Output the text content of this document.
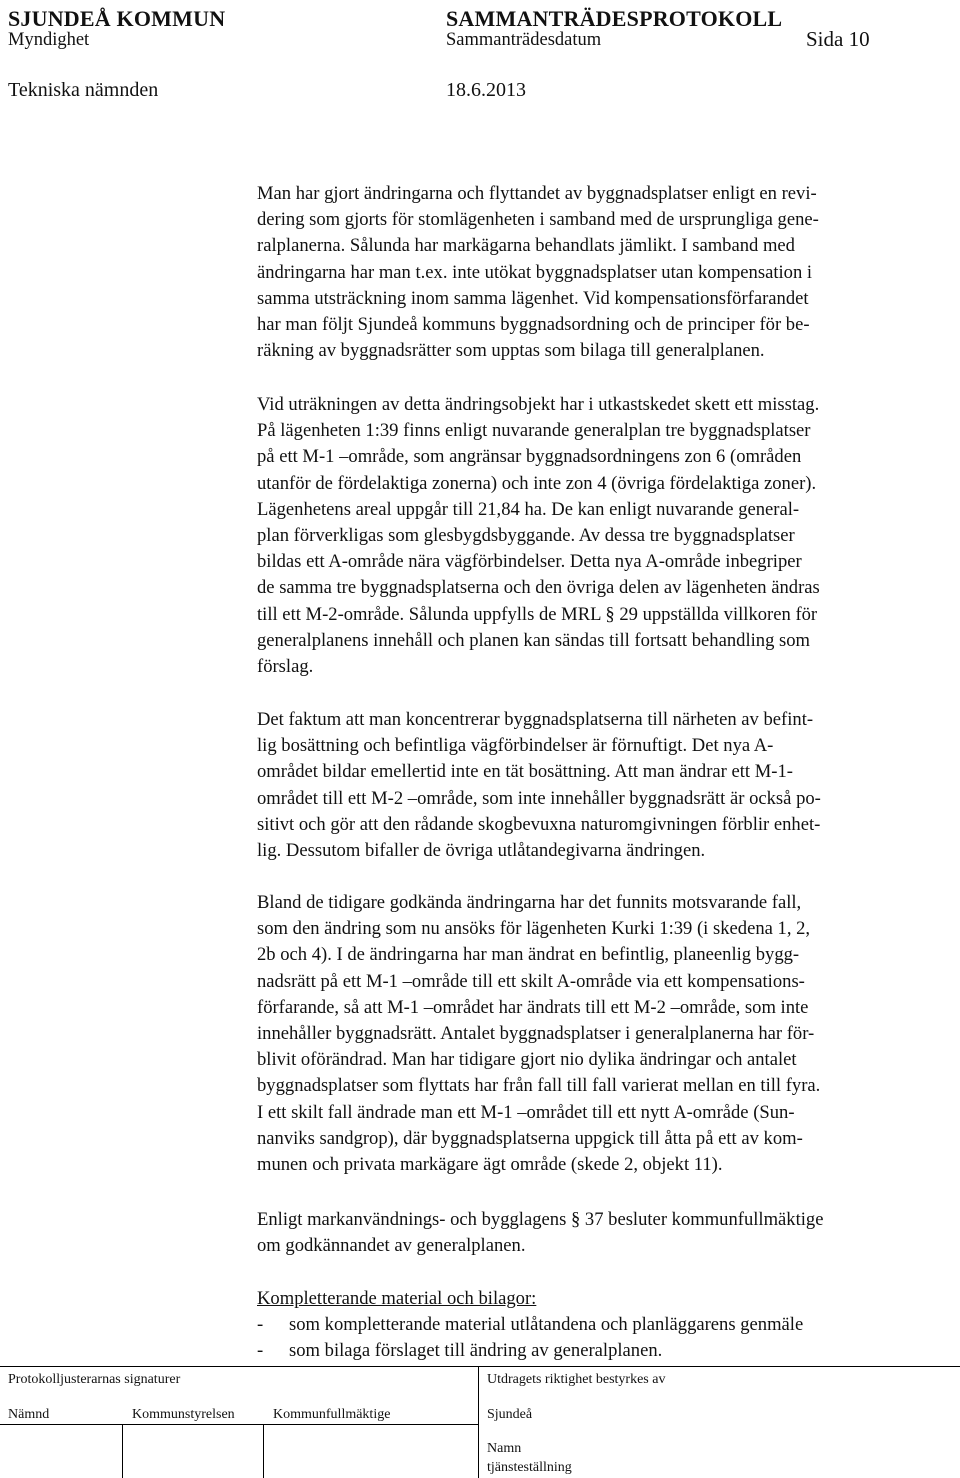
SJUNDEÅ KOMMUN	SAMMANTRÄDESPROTOKOLL
Myndighet	Sammanträdesdatum	Sida 10
Tekniska nämnden	18.6.2013

Man har gjort ändringarna och flyttandet av byggnadsplatser enligt en revi-

dering som gjorts för stomlägenheten i samband med de ursprungliga gene-

ralplanerna. Sålunda har markägarna behandlats jämlikt. I samband med

ändringarna har man t.ex. inte utökat byggnadsplatser utan kompensation i

samma utsträckning inom samma lägenhet. Vid kompensationsförfarandet

har man följt Sjundeå kommuns byggnadsordning och de principer för be-

räkning av byggnadsrätter som upptas som bilaga till generalplanen.

Vid uträkningen av detta ändringsobjekt har i utkastskedet skett ett misstag.

På lägenheten 1:39 finns enligt nuvarande generalplan tre byggnadsplatser

på ett M-1 –område, som angränsar byggnadsordningens zon 6 (områden

utanför de fördelaktiga zonerna) och inte zon 4 (övriga fördelaktiga zoner).

Lägenhetens areal uppgår till 21,84 ha. De kan enligt nuvarande general-

plan förverkligas som glesbygdsbyggande. Av dessa tre byggnadsplatser

bildas ett A-område nära vägförbindelser. Detta nya A-område inbegriper

de samma tre byggnadsplatserna och den övriga delen av lägenheten ändras

till ett M-2-område. Sålunda uppfylls de MRL § 29 uppställda villkoren för

generalplanens innehåll och planen kan sändas till fortsatt behandling som

förslag.

Det faktum att man koncentrerar byggnadsplatserna till närheten av befint-

lig bosättning och befintliga vägförbindelser är förnuftigt. Det nya A-

området bildar emellertid inte en tät bosättning. Att man ändrar ett M-1-

området till ett M-2 –område, som inte innehåller byggnadsrätt är också po-

sitivt och gör att den rådande skogbevuxna naturomgivningen förblir enhet-

lig. Dessutom bifaller de övriga utlåtandegivarna ändringen.

Bland de tidigare godkända ändringarna har det funnits motsvarande fall,

som den ändring som nu ansöks för lägenheten Kurki 1:39 (i skedena 1, 2,

2b och 4). I de ändringarna har man ändrat en befintlig, planeenlig bygg-

nadsrätt på ett M-1 –område till ett skilt A-område via ett kompensations-

förfarande, så att M-1 –området har ändrats till ett M-2 –område, som inte

innehåller byggnadsrätt. Antalet byggnadsplatser i generalplanerna har för-

blivit oförändrad. Man har tidigare gjort nio dylika ändringar och antalet

byggnadsplatser som flyttats har från fall till fall varierat mellan en till fyra.

I ett skilt fall ändrade man ett M-1 –området till ett nytt A-område (Sun-

nanviks sandgrop), där byggnadsplatserna uppgick till åtta på ett av kom-

munen och privata markägare ägt område (skede 2, objekt 11).

Enligt markanvändnings- och bygglagens § 37 besluter kommunfullmäktige

om godkännandet av generalplanen.

Kompletterande material och bilagor:
-	som kompletterande material utlåtandena och planläggarens genmäle
-	som bilaga förslaget till ändring av generalplanen.
Protokolljusterarnas signaturer	Utdragets riktighet bestyrkes av
Nämnd	Kommunstyrelsen	Kommunfullmäktige	Sjundeå
Namn
tjänsteställning
